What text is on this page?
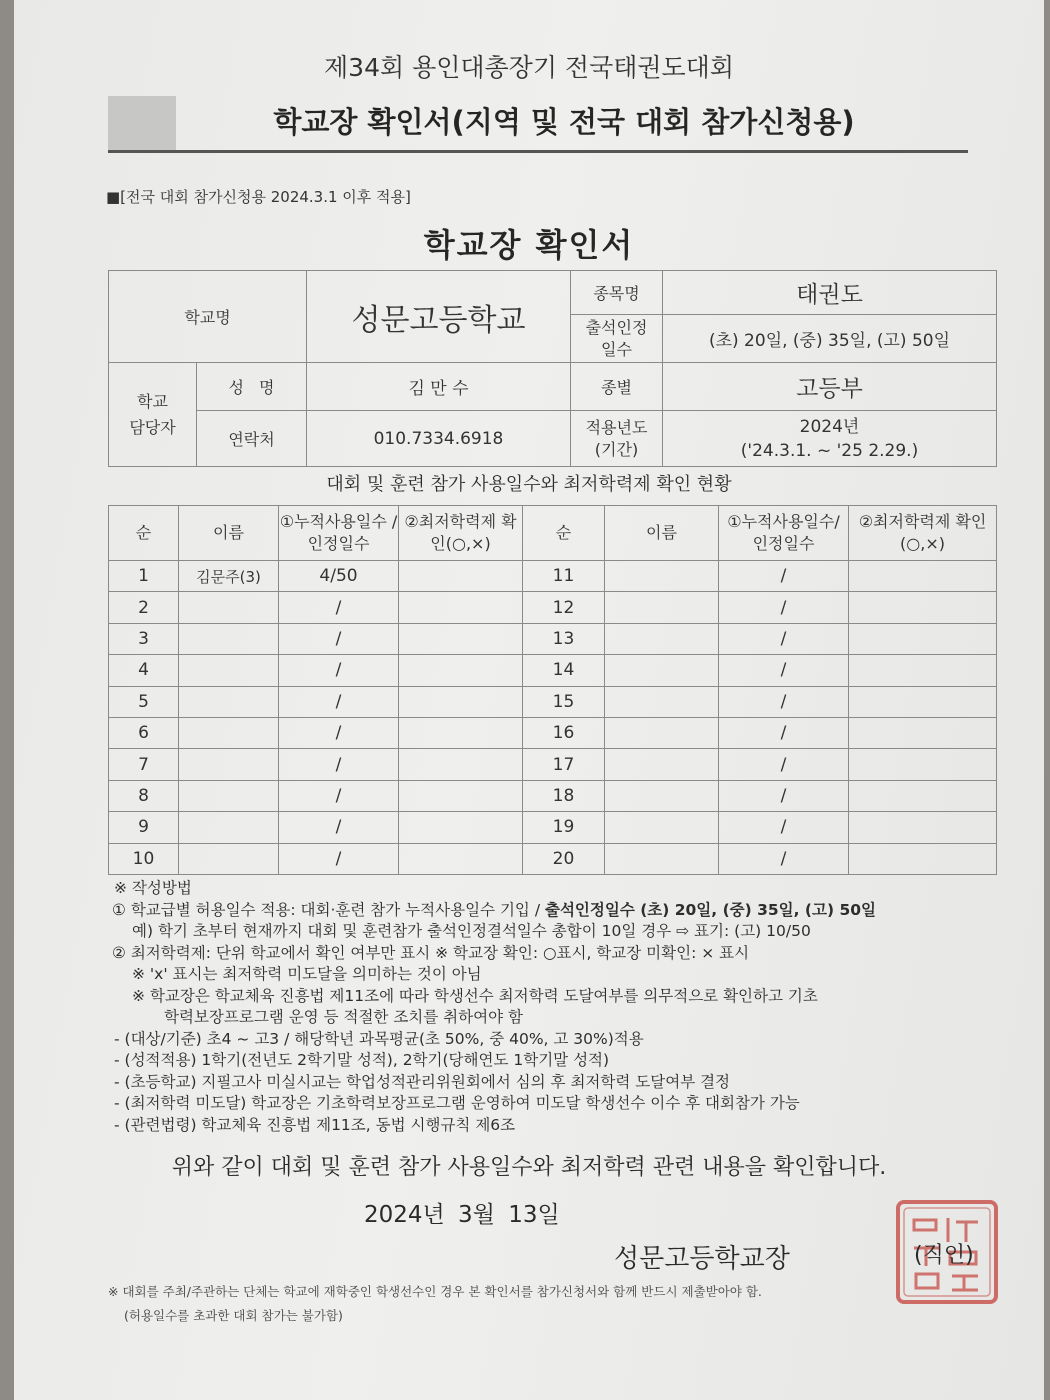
제34회 용인대총장기 전국태권도대회
학교장 확인서(지역 및 전국 대회 참가신청용)
■[전국 대회 참가신청용 2024.3.1 이후 적용]
학교장 확인서
학교명		성문고등학교	종목명	태권도
			출석인정 일수	(초) 20일, (중) 35일, (고) 50일
학교 담당자	성 명	김 만 수	종별	고등부
	연락처	010.7334.6918	적용년도 (기간)	2024년
('24.3.1. ~ '25 2.29.)
대회 및 훈련 참가 사용일수와 최저학력제 확인 현황
순	이름	①누적사용일수 /인정일수	②최저학력제 확인(○,×)	순	이름	①누적사용일수/ 인정일수	②최저학력제 확인(○,×)
1	김문주(3)	4/50		11		/	
2		/		12		/	
3		/		13		/	
4		/		14		/	
5		/		15		/	
6		/		16		/	
7		/		17		/	
8		/		18		/	
9		/		19		/	
10		/		20		/	
※ 작성방법
① 학교급별 허용일수 적용: 대회·훈련 참가 누적사용일수 기입 / 출석인정일수 (초) 20일, (중) 35일, (고) 50일
예) 학기 초부터 현재까지 대회 및 훈련참가 출석인정결석일수 총합이 10일 경우 ⇨ 표기: (고) 10/50
② 최저학력제: 단위 학교에서 확인 여부만 표시 ※ 학교장 확인: ○표시, 학교장 미확인: × 표시
※ 'x' 표시는 최저학력 미도달을 의미하는 것이 아님
※ 학교장은 학교체육 진흥법 제11조에 따라 학생선수 최저학력 도달여부를 의무적으로 확인하고 기초
학력보장프로그램 운영 등 적절한 조치를 취하여야 함
- (대상/기준) 초4 ~ 고3 / 해당학년 과목평균(초 50%, 중 40%, 고 30%)적용
- (성적적용) 1학기(전년도 2학기말 성적), 2학기(당해연도 1학기말 성적)
- (초등학교) 지필고사 미실시교는 학업성적관리위원회에서 심의 후 최저학력 도달여부 결정
- (최저학력 미도달) 학교장은 기초학력보장프로그램 운영하여 미도달 학생선수 이수 후 대회참가 가능
- (관련법령) 학교체육 진흥법 제11조, 동법 시행규칙 제6조
위와 같이 대회 및 훈련 참가 사용일수와 최저학력 관련 내용을 확인합니다.
2024년 3월 13일
성문고등학교장	(직인)
※ 대회를 주최/주관하는 단체는 학교에 재학중인 학생선수인 경우 본 확인서를 참가신청서와 함께 반드시 제출받아야 함.
(허용일수를 초과한 대회 참가는 불가함)
